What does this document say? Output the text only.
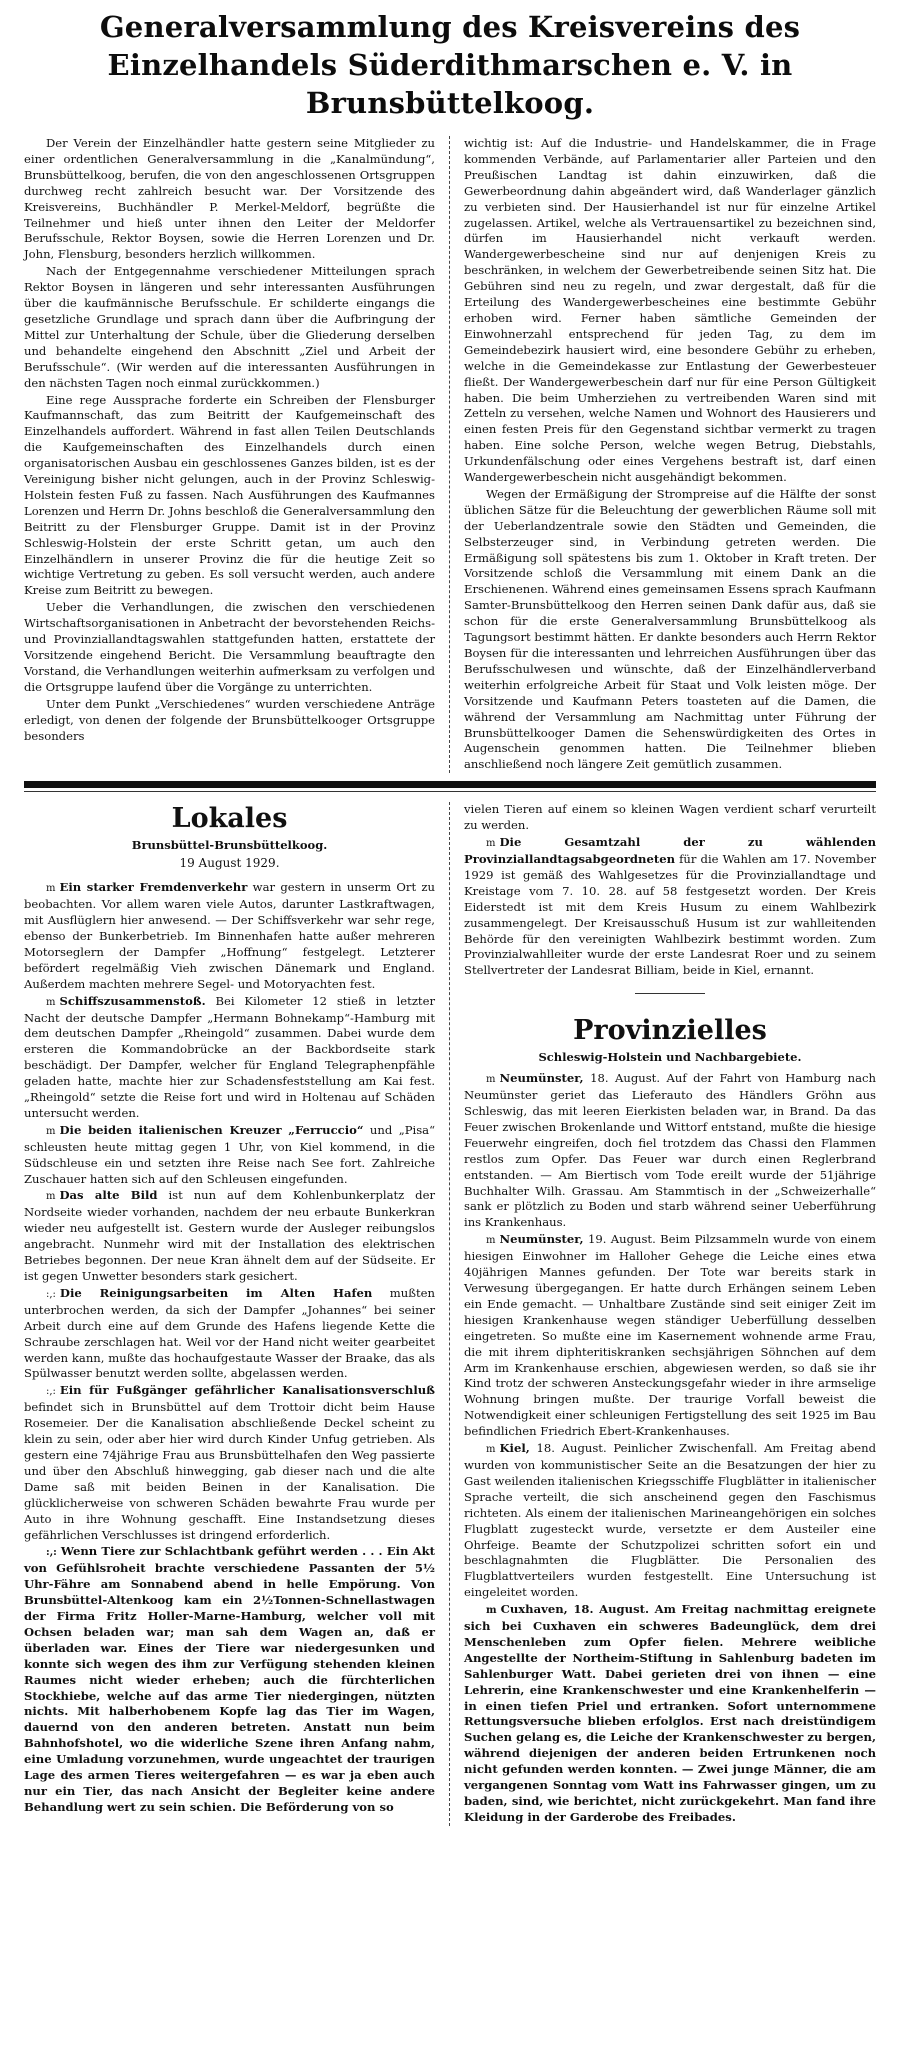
Generalversammlung des Kreisvereins des Einzelhandels Süderdithmarschen e. V. in Brunsbüttelkoog.

Der Verein der Einzelhändler hatte gestern seine Mitglieder zu einer ordentlichen Generalversammlung in die „Kanalmündung“, Brunsbüttelkoog, berufen, die von den angeschlossenen Ortsgruppen durchweg recht zahlreich besucht war. Der Vorsitzende des Kreisvereins, Buchhändler P. Merkel-Meldorf, begrüßte die Teilnehmer und hieß unter ihnen den Leiter der Meldorfer Berufsschule, Rektor Boysen, sowie die Herren Lorenzen und Dr. John, Flensburg, besonders herzlich willkommen.

Nach der Entgegennahme verschiedener Mitteilungen sprach Rektor Boysen in längeren und sehr interessanten Ausführungen über die kaufmännische Berufsschule. Er schilderte eingangs die gesetzliche Grundlage und sprach dann über die Aufbringung der Mittel zur Unterhaltung der Schule, über die Gliederung derselben und behandelte eingehend den Abschnitt „Ziel und Arbeit der Berufsschule“. (Wir werden auf die interessanten Ausführungen in den nächsten Tagen noch einmal zurückkommen.)

Eine rege Aussprache forderte ein Schreiben der Flensburger Kaufmannschaft, das zum Beitritt der Kaufgemeinschaft des Einzelhandels auffordert. Während in fast allen Teilen Deutschlands die Kaufgemeinschaften des Einzelhandels durch einen organisatorischen Ausbau ein geschlossenes Ganzes bilden, ist es der Vereinigung bisher nicht gelungen, auch in der Provinz Schleswig-Holstein festen Fuß zu fassen. Nach Ausführungen des Kaufmannes Lorenzen und Herrn Dr. Johns beschloß die Generalversammlung den Beitritt zu der Flensburger Gruppe. Damit ist in der Provinz Schleswig-Holstein der erste Schritt getan, um auch den Einzelhändlern in unserer Provinz die für die heutige Zeit so wichtige Vertretung zu geben. Es soll versucht werden, auch andere Kreise zum Beitritt zu bewegen.

Ueber die Verhandlungen, die zwischen den verschiedenen Wirtschaftsorganisationen in Anbetracht der bevorstehenden Reichs- und Provinziallandtagswahlen stattgefunden hatten, erstattete der Vorsitzende eingehend Bericht. Die Versammlung beauftragte den Vorstand, die Verhandlungen weiterhin aufmerksam zu verfolgen und die Ortsgruppe laufend über die Vorgänge zu unterrichten.

Unter dem Punkt „Verschiedenes“ wurden verschiedene Anträge erledigt, von denen der folgende der Brunsbüttelkooger Ortsgruppe besonders

wichtig ist: Auf die Industrie- und Handelskammer, die in Frage kommenden Verbände, auf Parlamentarier aller Parteien und den Preußischen Landtag ist dahin einzuwirken, daß die Gewerbeordnung dahin abgeändert wird, daß Wanderlager gänzlich zu verbieten sind. Der Hausierhandel ist nur für einzelne Artikel zugelassen. Artikel, welche als Vertrauensartikel zu bezeichnen sind, dürfen im Hausierhandel nicht verkauft werden. Wandergewerbescheine sind nur auf denjenigen Kreis zu beschränken, in welchem der Gewerbetreibende seinen Sitz hat. Die Gebühren sind neu zu regeln, und zwar dergestalt, daß für die Erteilung des Wandergewerbescheines eine bestimmte Gebühr erhoben wird. Ferner haben sämtliche Gemeinden der Einwohnerzahl entsprechend für jeden Tag, zu dem im Gemeindebezirk hausiert wird, eine besondere Gebühr zu erheben, welche in die Gemeindekasse zur Entlastung der Gewerbesteuer fließt. Der Wandergewerbeschein darf nur für eine Person Gültigkeit haben. Die beim Umherziehen zu vertreibenden Waren sind mit Zetteln zu versehen, welche Namen und Wohnort des Hausierers und einen festen Preis für den Gegenstand sichtbar vermerkt zu tragen haben. Eine solche Person, welche wegen Betrug, Diebstahls, Urkundenfälschung oder eines Vergehens bestraft ist, darf einen Wandergewerbeschein nicht ausgehändigt bekommen.

Wegen der Ermäßigung der Strompreise auf die Hälfte der sonst üblichen Sätze für die Beleuchtung der gewerblichen Räume soll mit der Ueberlandzentrale sowie den Städten und Gemeinden, die Selbsterzeuger sind, in Verbindung getreten werden. Die Ermäßigung soll spätestens bis zum 1. Oktober in Kraft treten. Der Vorsitzende schloß die Versammlung mit einem Dank an die Erschienenen. Während eines gemeinsamen Essens sprach Kaufmann Samter-Brunsbüttelkoog den Herren seinen Dank dafür aus, daß sie schon für die erste Generalversammlung Brunsbüttelkoog als Tagungsort bestimmt hätten. Er dankte besonders auch Herrn Rektor Boysen für die interessanten und lehrreichen Ausführungen über das Berufsschulwesen und wünschte, daß der Einzelhändlerverband weiterhin erfolgreiche Arbeit für Staat und Volk leisten möge. Der Vorsitzende und Kaufmann Peters toasteten auf die Damen, die während der Versammlung am Nachmittag unter Führung der Brunsbüttelkooger Damen die Sehenswürdigkeiten des Ortes in Augenschein genommen hatten. Die Teilnehmer blieben anschließend noch längere Zeit gemütlich zusammen.

Lokales

Brunsbüttel-Brunsbüttelkoog.

19 August 1929.

m Ein starker Fremdenverkehr war gestern in unserm Ort zu beobachten. Vor allem waren viele Autos, darunter Lastkraftwagen, mit Ausflüglern hier anwesend. — Der Schiffsverkehr war sehr rege, ebenso der Bunkerbetrieb. Im Binnenhafen hatte außer mehreren Motorseglern der Dampfer „Hoffnung“ festgelegt. Letzterer befördert regelmäßig Vieh zwischen Dänemark und England. Außerdem machten mehrere Segel- und Motoryachten fest.

m Schiffszusammenstoß. Bei Kilometer 12 stieß in letzter Nacht der deutsche Dampfer „Hermann Bohnekamp“-Hamburg mit dem deutschen Dampfer „Rheingold“ zusammen. Dabei wurde dem ersteren die Kommandobrücke an der Backbordseite stark beschädigt. Der Dampfer, welcher für England Telegraphenpfähle geladen hatte, machte hier zur Schadensfeststellung am Kai fest. „Rheingold“ setzte die Reise fort und wird in Holtenau auf Schäden untersucht werden.

m Die beiden italienischen Kreuzer „Ferruccio“ und „Pisa“ schleusten heute mittag gegen 1 Uhr, von Kiel kommend, in die Südschleuse ein und setzten ihre Reise nach See fort. Zahlreiche Zuschauer hatten sich auf den Schleusen eingefunden.

m Das alte Bild ist nun auf dem Kohlenbunkerplatz der Nordseite wieder vorhanden, nachdem der neu erbaute Bunkerkran wieder neu aufgestellt ist. Gestern wurde der Ausleger reibungslos angebracht. Nunmehr wird mit der Installation des elektrischen Betriebes begonnen. Der neue Kran ähnelt dem auf der Südseite. Er ist gegen Unwetter besonders stark gesichert.

:,: Die Reinigungsarbeiten im Alten Hafen mußten unterbrochen werden, da sich der Dampfer „Johannes“ bei seiner Arbeit durch eine auf dem Grunde des Hafens liegende Kette die Schraube zerschlagen hat. Weil vor der Hand nicht weiter gearbeitet werden kann, mußte das hochaufgestaute Wasser der Braake, das als Spülwasser benutzt werden sollte, abgelassen werden.

:,: Ein für Fußgänger gefährlicher Kanalisationsverschluß befindet sich in Brunsbüttel auf dem Trottoir dicht beim Hause Rosemeier. Der die Kanalisation abschließende Deckel scheint zu klein zu sein, oder aber hier wird durch Kinder Unfug getrieben. Als gestern eine 74jährige Frau aus Brunsbüttelhafen den Weg passierte und über den Abschluß hinwegging, gab dieser nach und die alte Dame saß mit beiden Beinen in der Kanalisation. Die glücklicherweise von schweren Schäden bewahrte Frau wurde per Auto in ihre Wohnung geschafft. Eine Instandsetzung dieses gefährlichen Verschlusses ist dringend erforderlich.

:,: Wenn Tiere zur Schlachtbank geführt werden . . . Ein Akt von Gefühlsroheit brachte verschiedene Passanten der 5½ Uhr-Fähre am Sonnabend abend in helle Empörung. Von Brunsbüttel-Altenkoog kam ein 2½Tonnen-Schnellastwagen der Firma Fritz Holler-Marne-Hamburg, welcher voll mit Ochsen beladen war; man sah dem Wagen an, daß er überladen war. Eines der Tiere war niedergesunken und konnte sich wegen des ihm zur Verfügung stehenden kleinen Raumes nicht wieder erheben; auch die fürchterlichen Stockhiebe, welche auf das arme Tier niedergingen, nützten nichts. Mit halberhobenem Kopfe lag das Tier im Wagen, dauernd von den anderen betreten. Anstatt nun beim Bahnhofshotel, wo die widerliche Szene ihren Anfang nahm, eine Umladung vorzunehmen, wurde ungeachtet der traurigen Lage des armen Tieres weitergefahren — es war ja eben auch nur ein Tier, das nach Ansicht der Begleiter keine andere Behandlung wert zu sein schien. Die Beförderung von so

vielen Tieren auf einem so kleinen Wagen verdient scharf verurteilt zu werden.

m Die Gesamtzahl der zu wählenden Provinziallandtagsabgeordneten für die Wahlen am 17. November 1929 ist gemäß des Wahlgesetzes für die Provinziallandtage und Kreistage vom 7. 10. 28. auf 58 festgesetzt worden. Der Kreis Eiderstedt ist mit dem Kreis Husum zu einem Wahlbezirk zusammengelegt. Der Kreisausschuß Husum ist zur wahlleitenden Behörde für den vereinigten Wahlbezirk bestimmt worden. Zum Provinzialwahlleiter wurde der erste Landesrat Roer und zu seinem Stellvertreter der Landesrat Billiam, beide in Kiel, ernannt.

Provinzielles

Schleswig-Holstein und Nachbargebiete.

m Neumünster, 18. August. Auf der Fahrt von Hamburg nach Neumünster geriet das Lieferauto des Händlers Gröhn aus Schleswig, das mit leeren Eierkisten beladen war, in Brand. Da das Feuer zwischen Brokenlande und Wittorf entstand, mußte die hiesige Feuerwehr eingreifen, doch fiel trotzdem das Chassi den Flammen restlos zum Opfer. Das Feuer war durch einen Reglerbrand entstanden. — Am Biertisch vom Tode ereilt wurde der 51jährige Buchhalter Wilh. Grassau. Am Stammtisch in der „Schweizerhalle“ sank er plötzlich zu Boden und starb während seiner Ueberführung ins Krankenhaus.

m Neumünster, 19. August. Beim Pilzsammeln wurde von einem hiesigen Einwohner im Halloher Gehege die Leiche eines etwa 40jährigen Mannes gefunden. Der Tote war bereits stark in Verwesung übergegangen. Er hatte durch Erhängen seinem Leben ein Ende gemacht. — Unhaltbare Zustände sind seit einiger Zeit im hiesigen Krankenhause wegen ständiger Ueberfüllung desselben eingetreten. So mußte eine im Kasernement wohnende arme Frau, die mit ihrem diphteritiskranken sechsjährigen Söhnchen auf dem Arm im Krankenhause erschien, abgewiesen werden, so daß sie ihr Kind trotz der schweren Ansteckungsgefahr wieder in ihre armselige Wohnung bringen mußte. Der traurige Vorfall beweist die Notwendigkeit einer schleunigen Fertigstellung des seit 1925 im Bau befindlichen Friedrich Ebert-Krankenhauses.

m Kiel, 18. August. Peinlicher Zwischenfall. Am Freitag abend wurden von kommunistischer Seite an die Besatzungen der hier zu Gast weilenden italienischen Kriegsschiffe Flugblätter in italienischer Sprache verteilt, die sich anscheinend gegen den Faschismus richteten. Als einem der italienischen Marineangehörigen ein solches Flugblatt zugesteckt wurde, versetzte er dem Austeiler eine Ohrfeige. Beamte der Schutzpolizei schritten sofort ein und beschlagnahmten die Flugblätter. Die Personalien des Flugblattverteilers wurden festgestellt. Eine Untersuchung ist eingeleitet worden.

m Cuxhaven, 18. August. Am Freitag nachmittag ereignete sich bei Cuxhaven ein schweres Badeunglück, dem drei Menschenleben zum Opfer fielen. Mehrere weibliche Angestellte der Northeim-Stiftung in Sahlenburg badeten im Sahlenburger Watt. Dabei gerieten drei von ihnen — eine Lehrerin, eine Krankenschwester und eine Krankenhelferin — in einen tiefen Priel und ertranken. Sofort unternommene Rettungsversuche blieben erfolglos. Erst nach dreistündigem Suchen gelang es, die Leiche der Krankenschwester zu bergen, während diejenigen der anderen beiden Ertrunkenen noch nicht gefunden werden konnten. — Zwei junge Männer, die am vergangenen Sonntag vom Watt ins Fahrwasser gingen, um zu baden, sind, wie berichtet, nicht zurückgekehrt. Man fand ihre Kleidung in der Garderobe des Freibades.
